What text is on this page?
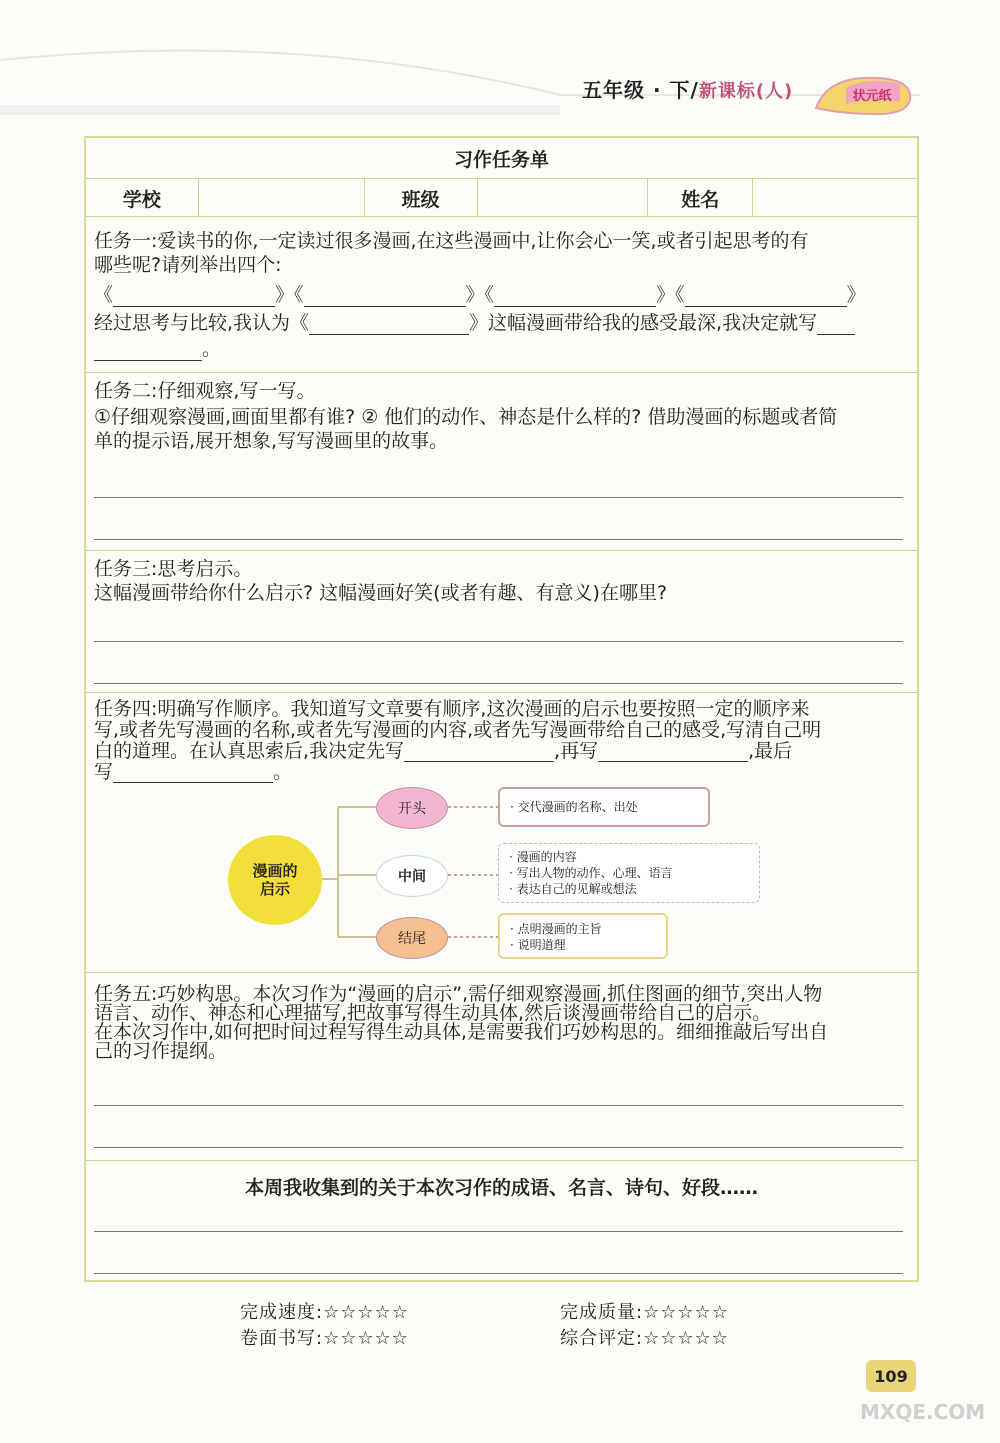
五年级 · 下/新课标(人)	状元纸
习作任务单
学校	班级	姓名
任务一:爱读书的你,一定读过很多漫画,在这些漫画中,让你会心一笑,或者引起思考的有
哪些呢?请列举出四个:
《	》《	》《	》《	》
经过思考与比较,我认为《	》这幅漫画带给我的感受最深,我决定就写
。
任务二:仔细观察,写一写。
①仔细观察漫画,画面里都有谁? ② 他们的动作、神态是什么样的? 借助漫画的标题或者简
单的提示语,展开想象,写写漫画里的故事。
任务三:思考启示。
这幅漫画带给你什么启示? 这幅漫画好笑(或者有趣、有意义)在哪里?
任务四:明确写作顺序。我知道写文章要有顺序,这次漫画的启示也要按照一定的顺序来
写,或者先写漫画的名称,或者先写漫画的内容,或者先写漫画带给自己的感受,写清自己明
白的道理。在认真思索后,我决定先写	,再写	,最后
写	。
漫画的
启示
开头
中间
结尾
· 交代漫画的名称、出处
· 漫画的内容
· 写出人物的动作、心理、语言
· 表达自己的见解或想法
· 点明漫画的主旨
· 说明道理
任务五:巧妙构思。本次习作为“漫画的启示”,需仔细观察漫画,抓住图画的细节,突出人物
语言、动作、神态和心理描写,把故事写得生动具体,然后谈漫画带给自己的启示。
在本次习作中,如何把时间过程写得生动具体,是需要我们巧妙构思的。细细推敲后写出自
己的习作提纲。
本周我收集到的关于本次习作的成语、名言、诗句、好段……
完成速度:☆☆☆☆☆	完成质量:☆☆☆☆☆
卷面书写:☆☆☆☆☆	综合评定:☆☆☆☆☆
109
MXQE.COM
